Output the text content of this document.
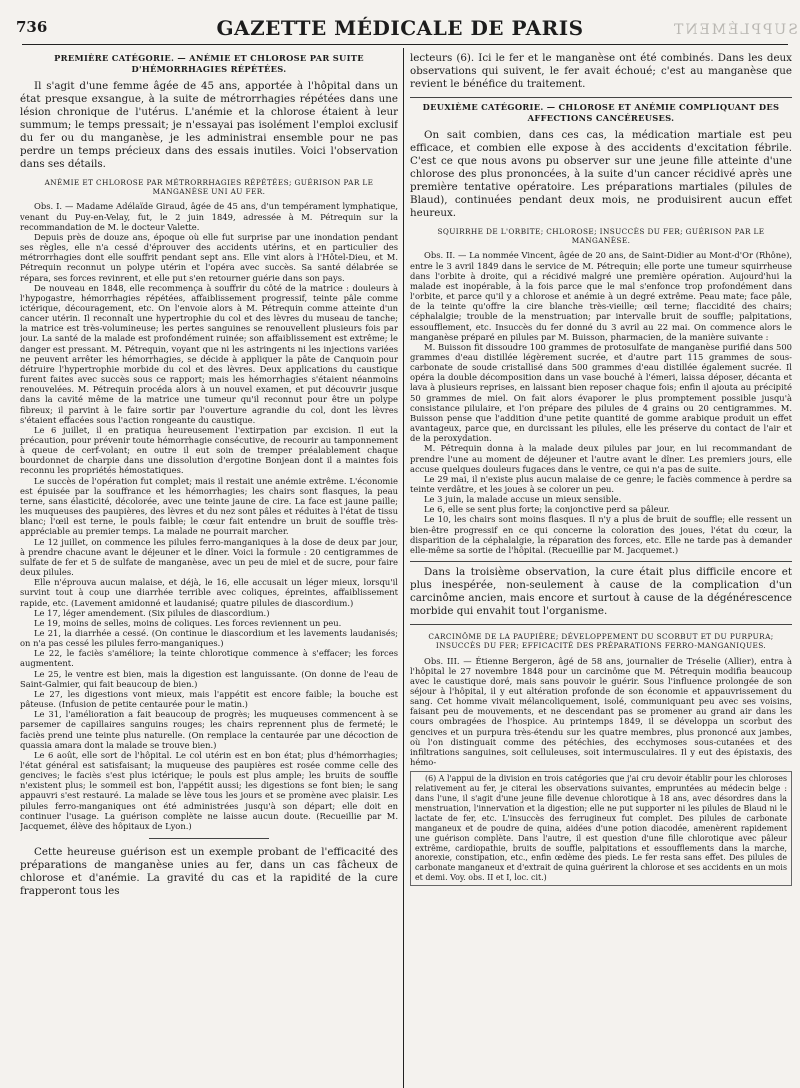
736	GAZETTE MÉDICALE DE PARIS	SUPPLÉMENT
PREMIÈRE CATÉGORIE. — ANÉMIE ET CHLOROSE PAR SUITE D'HÉMORRHAGIES RÉPÉTÉES.

Il s'agit d'une femme âgée de 45 ans, apportée à l'hôpital dans un état presque exsangue, à la suite de métrorrhagies répétées dans une lésion chronique de l'utérus. L'anémie et la chlorose étaient à leur summum; le temps pressait; je n'essayai pas isolément l'emploi exclusif du fer ou du manganèse, je les administrai ensemble pour ne pas perdre un temps précieux dans des essais inutiles. Voici l'observation dans ses détails.

ANÉMIE ET CHLOROSE PAR MÉTRORRHAGIES RÉPÉTÉES; GUÉRISON PAR LE MANGANÈSE UNI AU FER.

Obs. I. — Madame Adélaïde Giraud, âgée de 45 ans, d'un tempérament lymphatique, venant du Puy-en-Velay, fut, le 2 juin 1849, adressée à M. Pétrequin sur la recommandation de M. le docteur Valette.

Depuis près de douze ans, époque où elle fut surprise par une inondation pendant ses règles, elle n'a cessé d'éprouver des accidents utérins, et en particulier des métrorrhagies dont elle souffrit pendant sept ans. Elle vint alors à l'Hôtel-Dieu, et M. Pétrequin reconnut un polype utérin et l'opéra avec succès. Sa santé délabrée se répara, ses forces revinrent, et elle put s'en retourner guérie dans son pays.

De nouveau en 1848, elle recommença à souffrir du côté de la matrice : douleurs à l'hypogastre, hémorrhagies répétées, affaiblissement progressif, teinte pâle comme ictérique, découragement, etc. On l'envoie alors à M. Pétrequin comme atteinte d'un cancer utérin. Il reconnaît une hypertrophie du col et des lèvres du museau de tanche; la matrice est très-volumineuse; les pertes sanguines se renouvellent plusieurs fois par jour. La santé de la malade est profondément ruinée; son affaiblissement est extrême; le danger est pressant. M. Pétrequin, voyant que ni les astringents ni les injections variées ne peuvent arrêter les hémorrhagies, se décide à appliquer la pâte de Canquoin pour détruire l'hypertrophie morbide du col et des lèvres. Deux applications du caustique furent faites avec succès sous ce rapport; mais les hémorrhagies s'étaient néanmoins renouvelées. M. Pétrequin procéda alors à un nouvel examen, et put découvrir jusque dans la cavité même de la matrice une tumeur qu'il reconnut pour être un polype fibreux; il parvint à le faire sortir par l'ouverture agrandie du col, dont les lèvres s'étaient effacées sous l'action rongeante du caustique.

Le 6 juillet, il en pratiqua heureusement l'extirpation par excision. Il eut la précaution, pour prévenir toute hémorrhagie consécutive, de recourir au tamponnement à queue de cerf-volant; en outre il eut soin de tremper préalablement chaque bourdonnet de charpie dans une dissolution d'ergotine Bonjean dont il a maintes fois reconnu les propriétés hémostatiques.

Le succès de l'opération fut complet; mais il restait une anémie extrême. L'économie est épuisée par la souffrance et les hémorrhagies; les chairs sont flasques, la peau terne, sans élasticité, décolorée, avec une teinte jaune de cire. La face est jaune paille; les muqueuses des paupières, des lèvres et du nez sont pâles et réduites à l'état de tissu blanc; l'œil est terne, le pouls faible; le cœur fait entendre un bruit de souffle très-appréciable au premier temps. La malade ne pourrait marcher.

Le 12 juillet, on commence les pilules ferro-manganiques à la dose de deux par jour, à prendre chacune avant le déjeuner et le dîner. Voici la formule : 20 centigrammes de sulfate de fer et 5 de sulfate de manganèse, avec un peu de miel et de sucre, pour faire deux pilules.

Elle n'éprouva aucun malaise, et déjà, le 16, elle accusait un léger mieux, lorsqu'il survint tout à coup une diarrhée terrible avec coliques, épreintes, affaiblissement rapide, etc. (Lavement amidonné et laudanisé; quatre pilules de diascordium.)

Le 17, léger amendement. (Six pilules de diascordium.)

Le 19, moins de selles, moins de coliques. Les forces reviennent un peu.

Le 21, la diarrhée a cessé. (On continue le diascordium et les lavements laudanisés; on n'a pas cessé les pilules ferro-manganiques.)

Le 22, le faciès s'améliore; la teinte chlorotique commence à s'effacer; les forces augmentent.

Le 25, le ventre est bien, mais la digestion est languissante. (On donne de l'eau de Saint-Galmier, qui fait beaucoup de bien.)

Le 27, les digestions vont mieux, mais l'appétit est encore faible; la bouche est pâteuse. (Infusion de petite centaurée pour le matin.)

Le 31, l'amélioration a fait beaucoup de progrès; les muqueuses commencent à se parsemer de capillaires sanguins rouges; les chairs reprennent plus de fermeté; le faciès prend une teinte plus naturelle. (On remplace la centaurée par une décoction de quassia amara dont la malade se trouve bien.)

Le 6 août, elle sort de l'hôpital. Le col utérin est en bon état; plus d'hémorrhagies; l'état général est satisfaisant; la muqueuse des paupières est rosée comme celle des gencives; le faciès s'est plus ictérique; le pouls est plus ample; les bruits de souffle n'existent plus; le sommeil est bon, l'appétit aussi; les digestions se font bien; le sang appauvri s'est restauré. La malade se lève tous les jours et se promène avec plaisir. Les pilules ferro-manganiques ont été administrées jusqu'à son départ; elle doit en continuer l'usage. La guérison complète ne laisse aucun doute. (Recueillie par M. Jacquemet, élève des hôpitaux de Lyon.)

Cette heureuse guérison est un exemple probant de l'efficacité des préparations de manganèse unies au fer, dans un cas fâcheux de chlorose et d'anémie. La gravité du cas et la rapidité de la cure frapperont tous les

lecteurs (6). Ici le fer et le manganèse ont été combinés. Dans les deux observations qui suivent, le fer avait échoué; c'est au manganèse que revient le bénéfice du traitement.

DEUXIÈME CATÉGORIE. — CHLOROSE ET ANÉMIE COMPLIQUANT DES AFFECTIONS CANCÉREUSES.

On sait combien, dans ces cas, la médication martiale est peu efficace, et combien elle expose à des accidents d'excitation fébrile. C'est ce que nous avons pu observer sur une jeune fille atteinte d'une chlorose des plus prononcées, à la suite d'un cancer récidivé après une première tentative opératoire. Les préparations martiales (pilules de Blaud), continuées pendant deux mois, ne produisirent aucun effet heureux.

SQUIRRHE DE L'ORBITE; CHLOROSE; INSUCCÈS DU FER; GUÉRISON PAR LE MANGANÈSE.

Obs. II. — La nommée Vincent, âgée de 20 ans, de Saint-Didier au Mont-d'Or (Rhône), entre le 3 avril 1849 dans le service de M. Pétrequin; elle porte une tumeur squirrheuse dans l'orbite à droite, qui a récidivé malgré une première opération. Aujourd'hui la malade est inopérable, à la fois parce que le mal s'enfonce trop profondément dans l'orbite, et parce qu'il y a chlorose et anémie à un degré extrême. Peau mate; face pâle, de la teinte qu'offre la cire blanche très-vieille; œil terne; flaccidité des chairs; céphalalgie; trouble de la menstruation; par intervalle bruit de souffle; palpitations, essoufflement, etc. Insuccès du fer donné du 3 avril au 22 mai. On commence alors le manganèse préparé en pilules par M. Buisson, pharmacien, de la manière suivante :

M. Buisson fit dissoudre 100 grammes de protosulfate de manganèse purifié dans 500 grammes d'eau distillée légèrement sucrée, et d'autre part 115 grammes de sous-carbonate de soude cristallisé dans 500 grammes d'eau distillée également sucrée. Il opéra la double décomposition dans un vase bouché à l'émeri, laissa déposer, décanta et lava à plusieurs reprises, en laissant bien reposer chaque fois; enfin il ajouta au précipité 50 grammes de miel. On fait alors évaporer le plus promptement possible jusqu'à consistance pilulaire, et l'on prépare des pilules de 4 grains ou 20 centigrammes. M. Buisson pense que l'addition d'une petite quantité de gomme arabique produit un effet avantageux, parce que, en durcissant les pilules, elle les préserve du contact de l'air et de la peroxydation.

M. Pétrequin donna à la malade deux pilules par jour, en lui recommandant de prendre l'une au moment de déjeuner et l'autre avant le dîner. Les premiers jours, elle accuse quelques douleurs fugaces dans le ventre, ce qui n'a pas de suite.

Le 29 mai, il n'existe plus aucun malaise de ce genre; le faciès commence à perdre sa teinte verdâtre, et les joues à se colorer un peu.

Le 3 juin, la malade accuse un mieux sensible.

Le 6, elle se sent plus forte; la conjonctive perd sa pâleur.

Le 10, les chairs sont moins flasques. Il n'y a plus de bruit de souffle; elle ressent un bien-être progressif en ce qui concerne la coloration des joues, l'état du cœur, la disparition de la céphalalgie, la réparation des forces, etc. Elle ne tarde pas à demander elle-même sa sortie de l'hôpital. (Recueillie par M. Jacquemet.)

Dans la troisième observation, la cure était plus difficile encore et plus inespérée, non-seulement à cause de la complication d'un carcinôme ancien, mais encore et surtout à cause de la dégénérescence morbide qui envahit tout l'organisme.

CARCINÔME DE LA PAUPIÈRE; DÉVELOPPEMENT DU SCORBUT ET DU PURPURA; INSUCCÈS DU FER; EFFICACITÉ DES PRÉPARATIONS FERRO-MANGANIQUES.

Obs. III. — Étienne Bergeron, âgé de 58 ans, journalier de Tréselie (Allier), entra à l'hôpital le 27 novembre 1848 pour un carcinôme que M. Pétrequin modifia beaucoup avec le caustique doré, mais sans pouvoir le guérir. Sous l'influence prolongée de son séjour à l'hôpital, il y eut altération profonde de son économie et appauvrissement du sang. Cet homme vivait mélancoliquement, isolé, communiquant peu avec ses voisins, faisant peu de mouvements, et ne descendant pas se promener au grand air dans les cours ombragées de l'hospice. Au printemps 1849, il se développa un scorbut des gencives et un purpura très-étendu sur les quatre membres, plus prononcé aux jambes, où l'on distinguait comme des pétéchies, des ecchymoses sous-cutanées et des infiltrations sanguines, soit celluleuses, soit intermusculaires. Il y eut des épistaxis, des hémo-

(6) A l'appui de la division en trois catégories que j'ai cru devoir établir pour les chloroses relativement au fer, je citerai les observations suivantes, empruntées au médecin belge : dans l'une, il s'agit d'une jeune fille devenue chlorotique à 18 ans, avec désordres dans la menstruation, l'innervation et la digestion; elle ne put supporter ni les pilules de Blaud ni le lactate de fer, etc. L'insuccès des ferrugineux fut complet. Des pilules de carbonate manganeux et de poudre de quina, aidées d'une potion diacodée, amenèrent rapidement une guérison complète. Dans l'autre, il est question d'une fille chlorotique avec pâleur extrême, cardiopathie, bruits de souffle, palpitations et essoufflements dans la marche, anorexie, constipation, etc., enfin œdème des pieds. Le fer resta sans effet. Des pilules de carbonate manganeux et d'extrait de quina guérirent la chlorose et ses accidents en un mois et demi. Voy. obs. II et I, loc. cit.)
